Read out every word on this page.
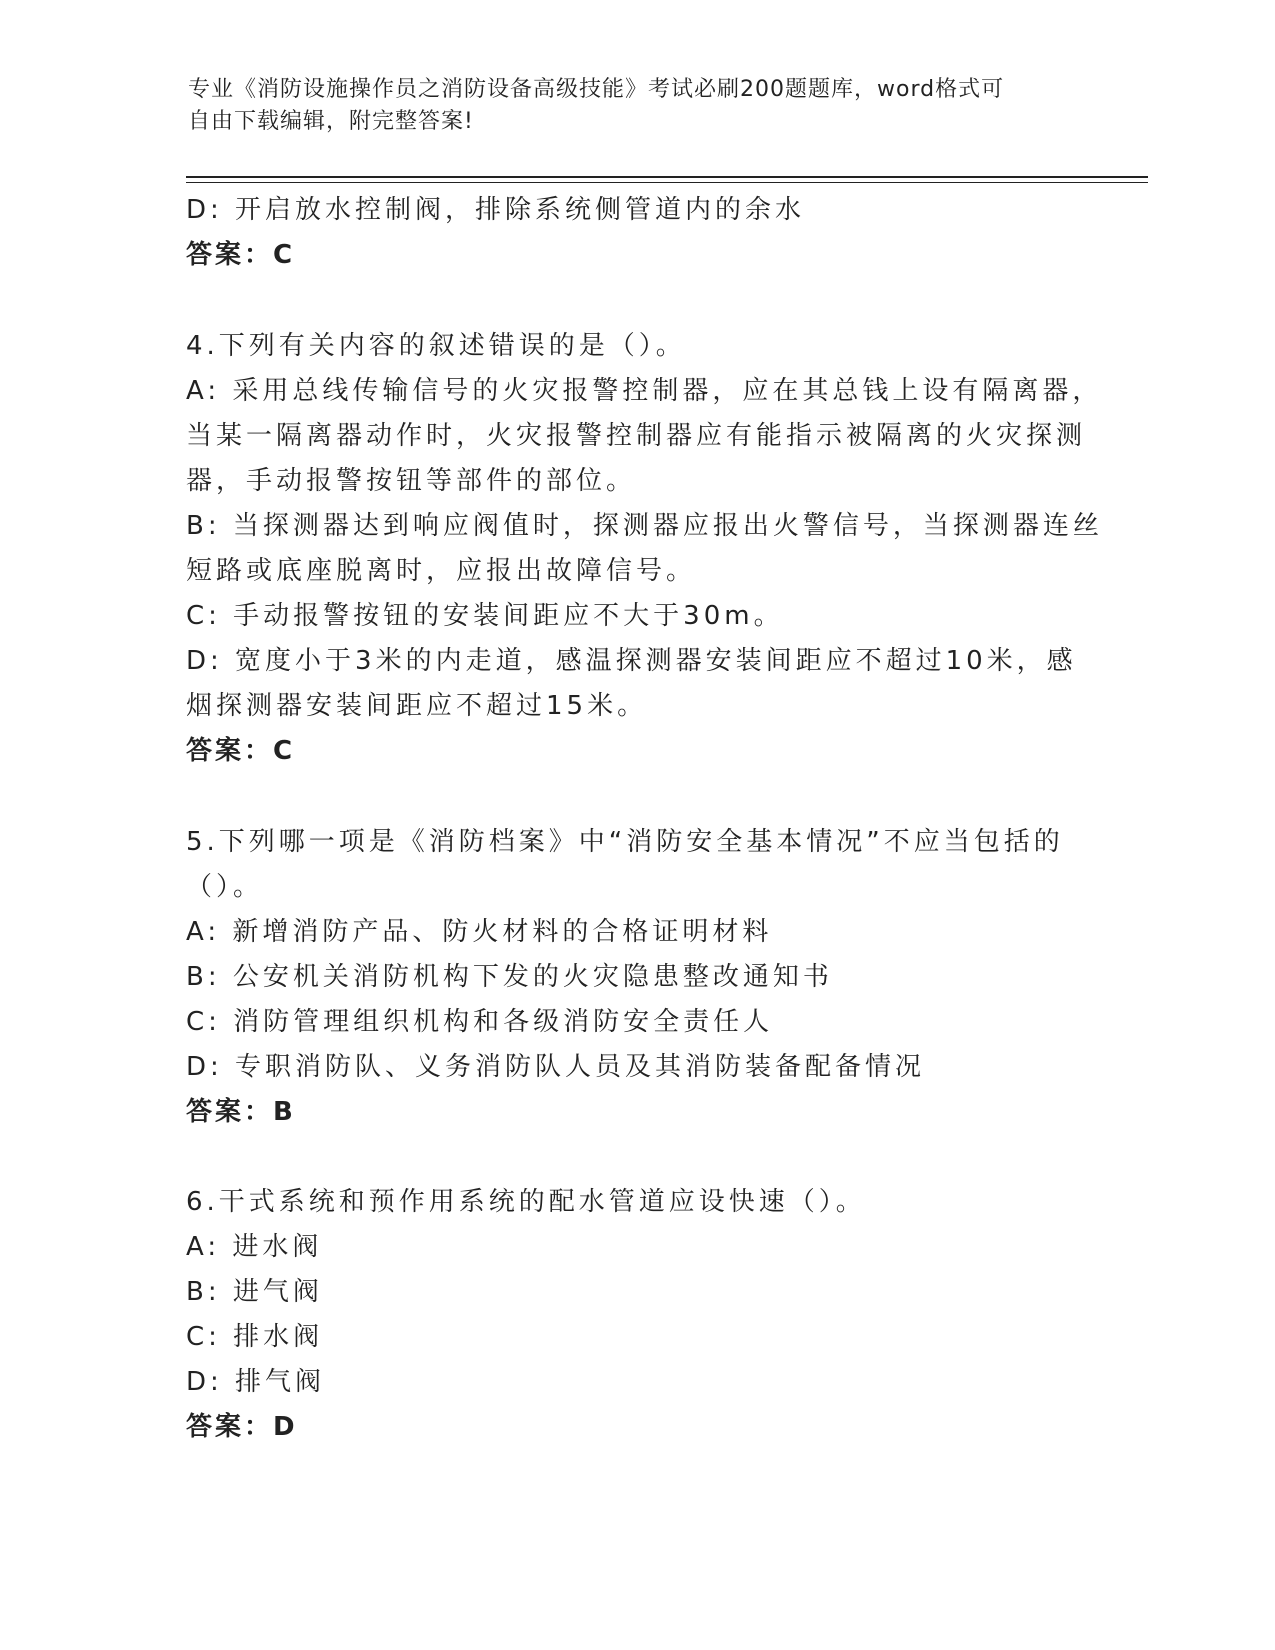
专业《消防设施操作员之消防设备高级技能》考试必刷200题题库，word格式可
自由下载编辑，附完整答案!
D: 开启放水控制阀，排除系统侧管道内的余水
答案：C
4.下列有关内容的叙述错误的是（）。
A: 采用总线传输信号的火灾报警控制器，应在其总钱上设有隔离器，
当某一隔离器动作时，火灾报警控制器应有能指示被隔离的火灾探测
器，手动报警按钮等部件的部位。
B: 当探测器达到响应阀值时，探测器应报出火警信号，当探测器连丝
短路或底座脱离时，应报出故障信号。
C: 手动报警按钮的安装间距应不大于30m。
D: 宽度小于3米的内走道，感温探测器安装间距应不超过10米，感
烟探测器安装间距应不超过15米。
答案：C
5.下列哪一项是《消防档案》中“消防安全基本情况”不应当包括的
（）。
A: 新增消防产品、防火材料的合格证明材料
B: 公安机关消防机构下发的火灾隐患整改通知书
C: 消防管理组织机构和各级消防安全责任人
D: 专职消防队、义务消防队人员及其消防装备配备情况
答案：B
6.干式系统和预作用系统的配水管道应设快速（）。
A: 进水阀
B: 进气阀
C: 排水阀
D: 排气阀
答案：D
